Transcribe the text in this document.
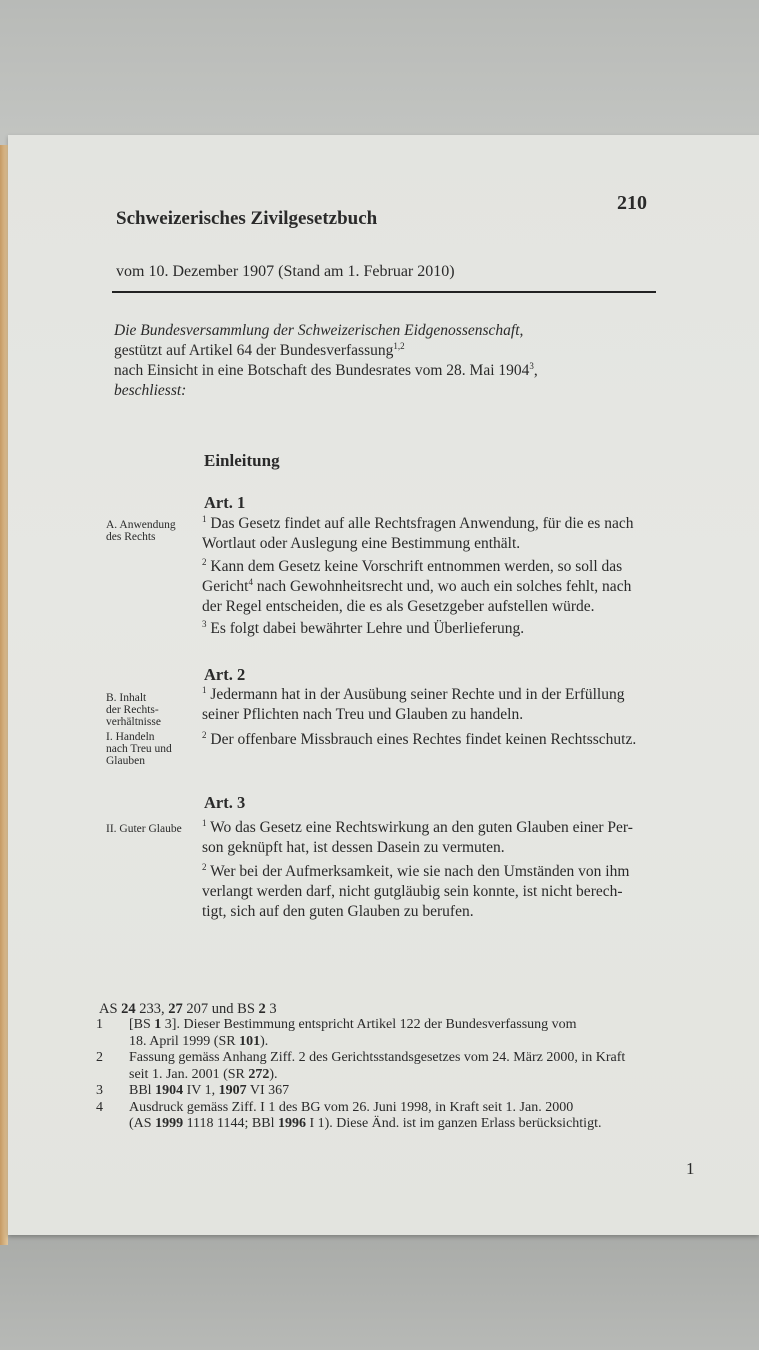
210
Schweizerisches Zivilgesetzbuch
vom 10. Dezember 1907 (Stand am 1. Februar 2010)
Die Bundesversammlung der Schweizerischen Eidgenossenschaft,
gestützt auf Artikel 64 der Bundesverfassung$^{1,2}$
nach Einsicht in eine Botschaft des Bundesrates vom 28. Mai 1904$^3$,
beschliesst:
Einleitung
Art. 1
A. Anwendung
des Rechts
$^1$ Das Gesetz findet auf alle Rechtsfragen Anwendung, für die es nach
Wortlaut oder Auslegung eine Bestimmung enthält.
$^2$ Kann dem Gesetz keine Vorschrift entnommen werden, so soll das
Gericht$^4$ nach Gewohnheitsrecht und, wo auch ein solches fehlt, nach
der Regel entscheiden, die es als Gesetzgeber aufstellen würde.
$^3$ Es folgt dabei bewährter Lehre und Überlieferung.
Art. 2
B. Inhalt
der Rechts-
verhältnisse
I. Handeln
nach Treu und
Glauben
$^1$ Jedermann hat in der Ausübung seiner Rechte und in der Erfüllung
seiner Pflichten nach Treu und Glauben zu handeln.
$^2$ Der offenbare Missbrauch eines Rechtes findet keinen Rechtsschutz.
Art. 3
II. Guter Glaube
$^1$ Wo das Gesetz eine Rechtswirkung an den guten Glauben einer Per-
son geknüpft hat, ist dessen Dasein zu vermuten.
$^2$ Wer bei der Aufmerksamkeit, wie sie nach den Umständen von ihm
verlangt werden darf, nicht gutgläubig sein konnte, ist nicht berech-
tigt, sich auf den guten Glauben zu berufen.
AS 24 233, 27 207 und BS 2 3
1 [BS 1 3]. Dieser Bestimmung entspricht Artikel 122 der Bundesverfassung vom
18. April 1999 (SR 101).
2 Fassung gemäss Anhang Ziff. 2 des Gerichtsstandsgesetzes vom 24. März 2000, in Kraft
seit 1. Jan. 2001 (SR 272).
3 BBl 1904 IV 1, 1907 VI 367
4 Ausdruck gemäss Ziff. I 1 des BG vom 26. Juni 1998, in Kraft seit 1. Jan. 2000
(AS 1999 1118 1144; BBl 1996 I 1). Diese Änd. ist im ganzen Erlass berücksichtigt.
1
